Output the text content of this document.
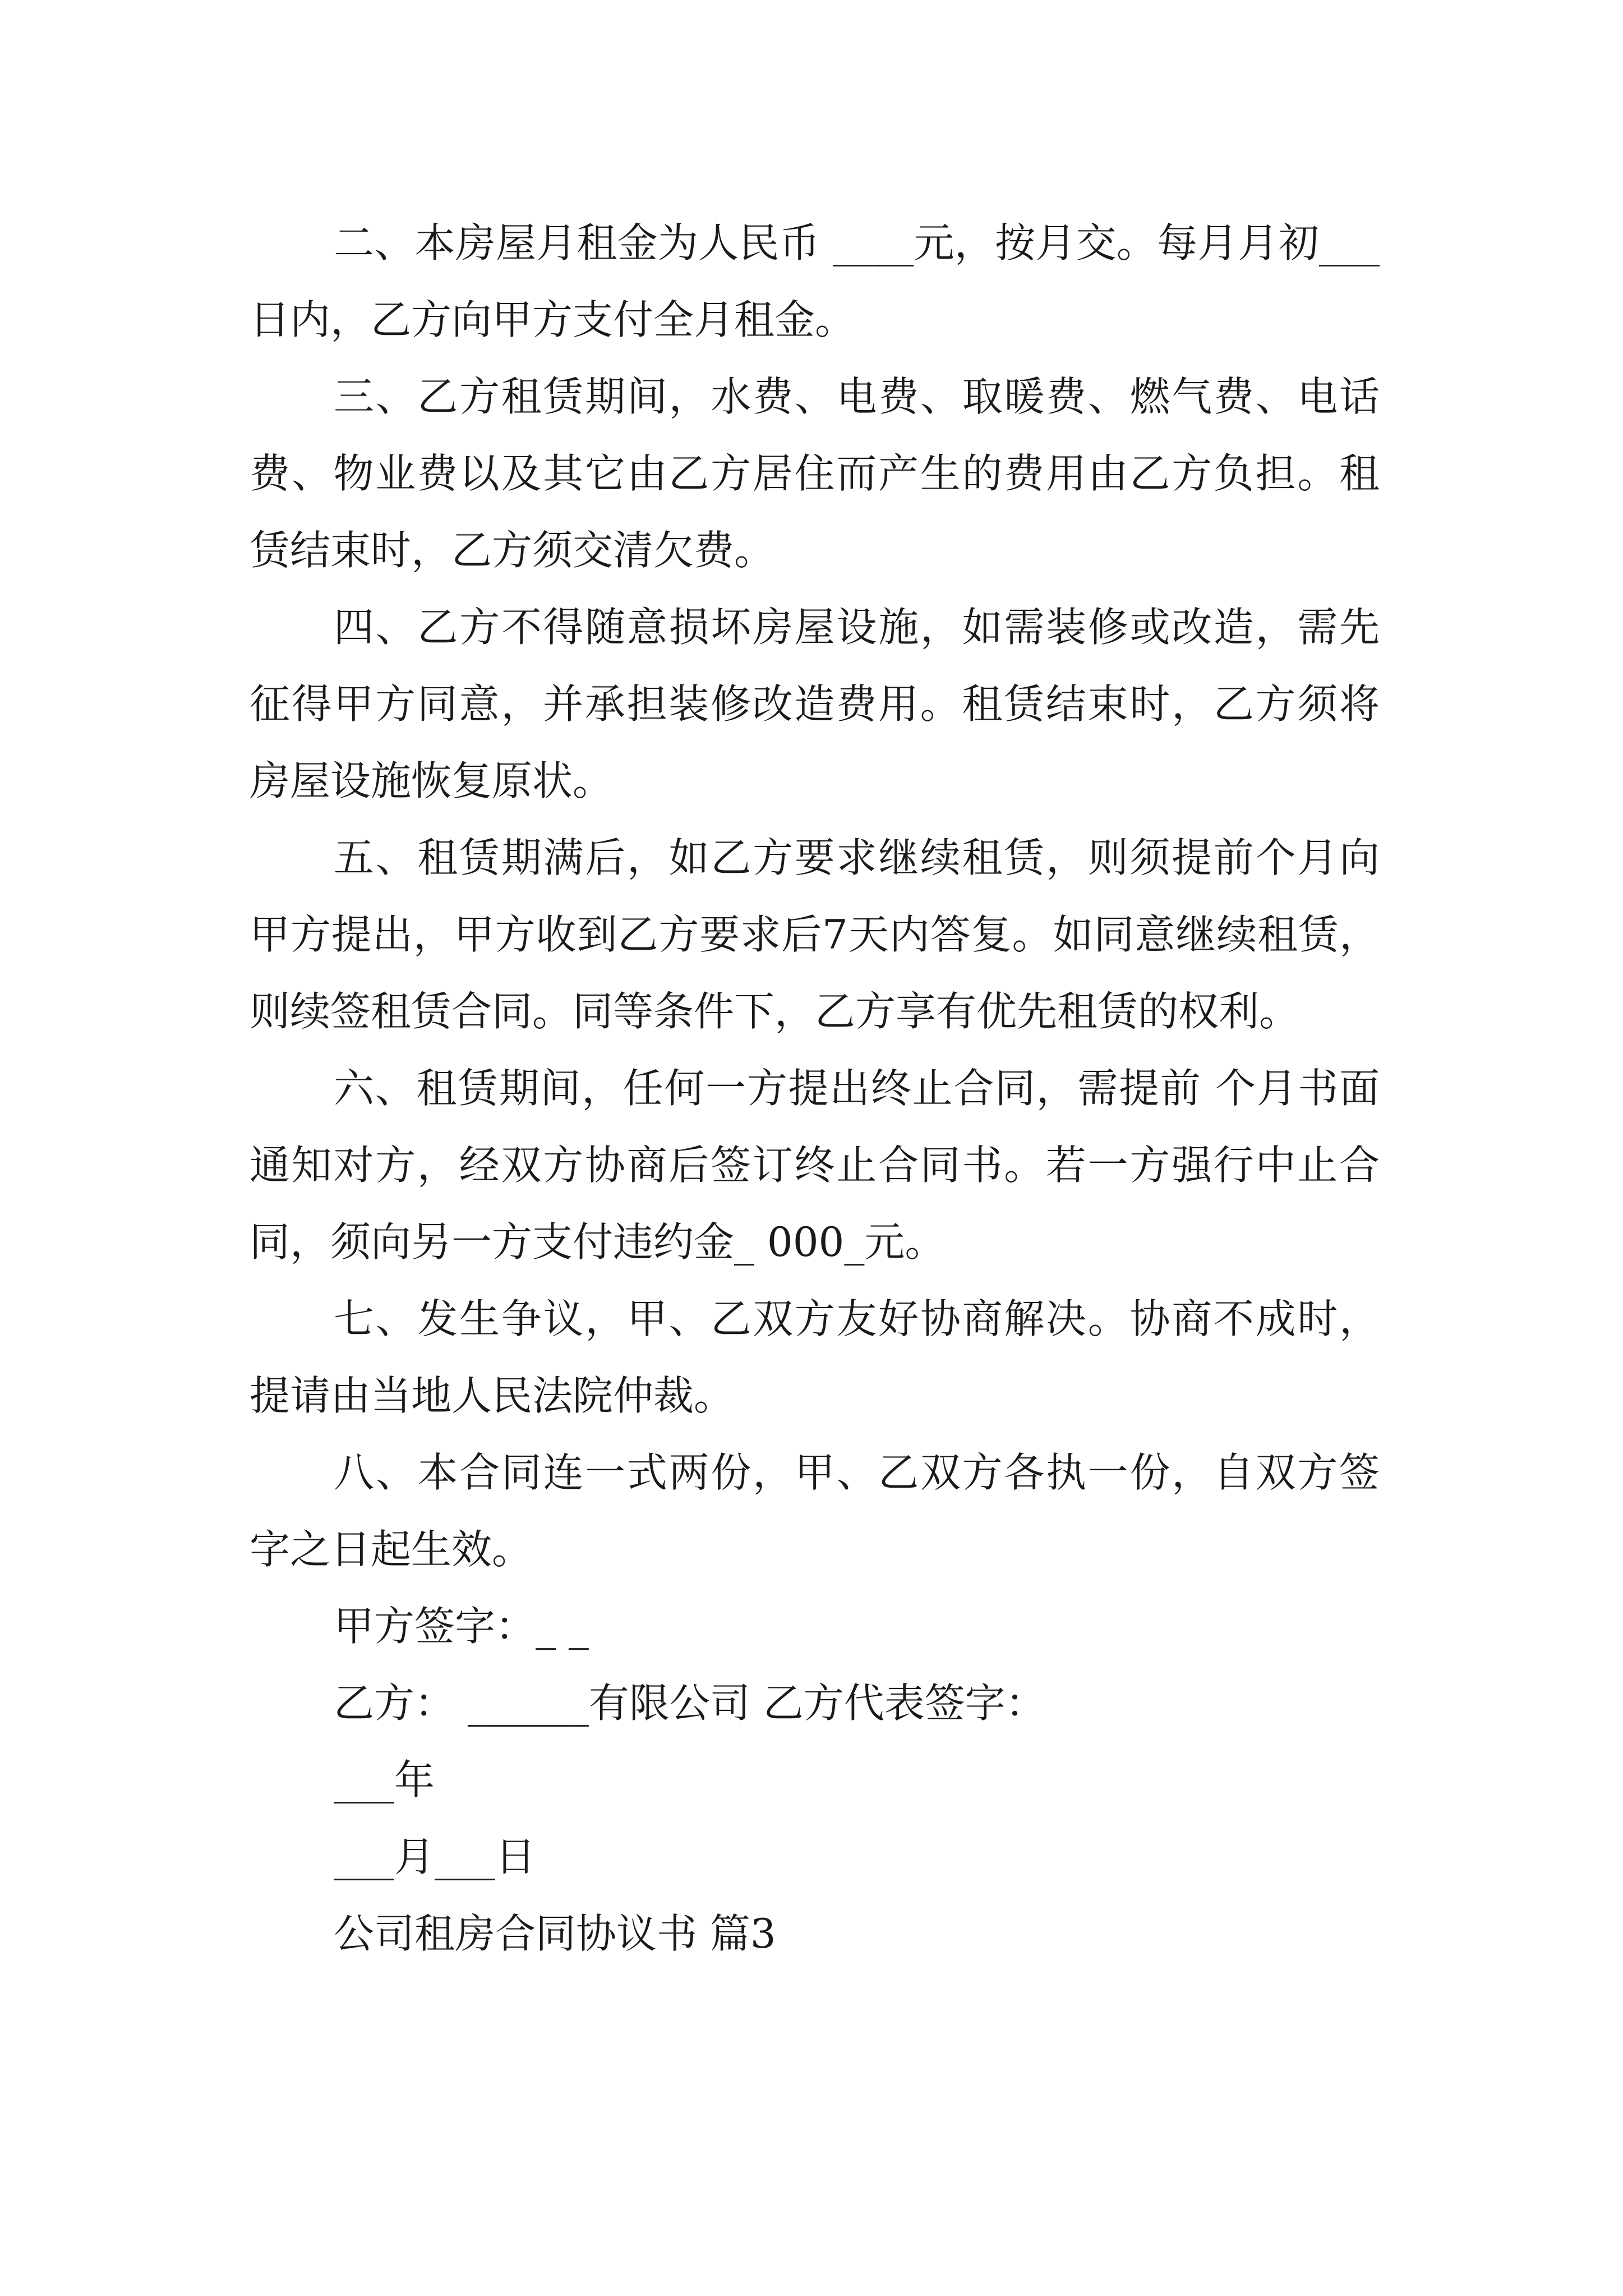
二、本房屋月租金为人民币 ____元，按月交。每月月初___日内，乙方向甲方支付全月租金。

三、乙方租赁期间，水费、电费、取暖费、燃气费、电话费、物业费以及其它由乙方居住而产生的费用由乙方负担。租赁结束时，乙方须交清欠费。

四、乙方不得随意损坏房屋设施，如需装修或改造，需先征得甲方同意，并承担装修改造费用。租赁结束时，乙方须将房屋设施恢复原状。

五、租赁期满后，如乙方要求继续租赁，则须提前个月向甲方提出，甲方收到乙方要求后7天内答复。如同意继续租赁，则续签租赁合同。同等条件下，乙方享有优先租赁的权利。

六、租赁期间，任何一方提出终止合同，需提前 个月书面通知对方，经双方协商后签订终止合同书。若一方强行中止合同，须向另一方支付违约金_ 000_元。

七、发生争议，甲、乙双方友好协商解决。协商不成时，提请由当地人民法院仲裁。

八、本合同连一式两份，甲、乙双方各执一份，自双方签字之日起生效。

甲方签字：_ _

乙方： ______有限公司 乙方代表签字：

___年

___月___日

公司租房合同协议书 篇3
